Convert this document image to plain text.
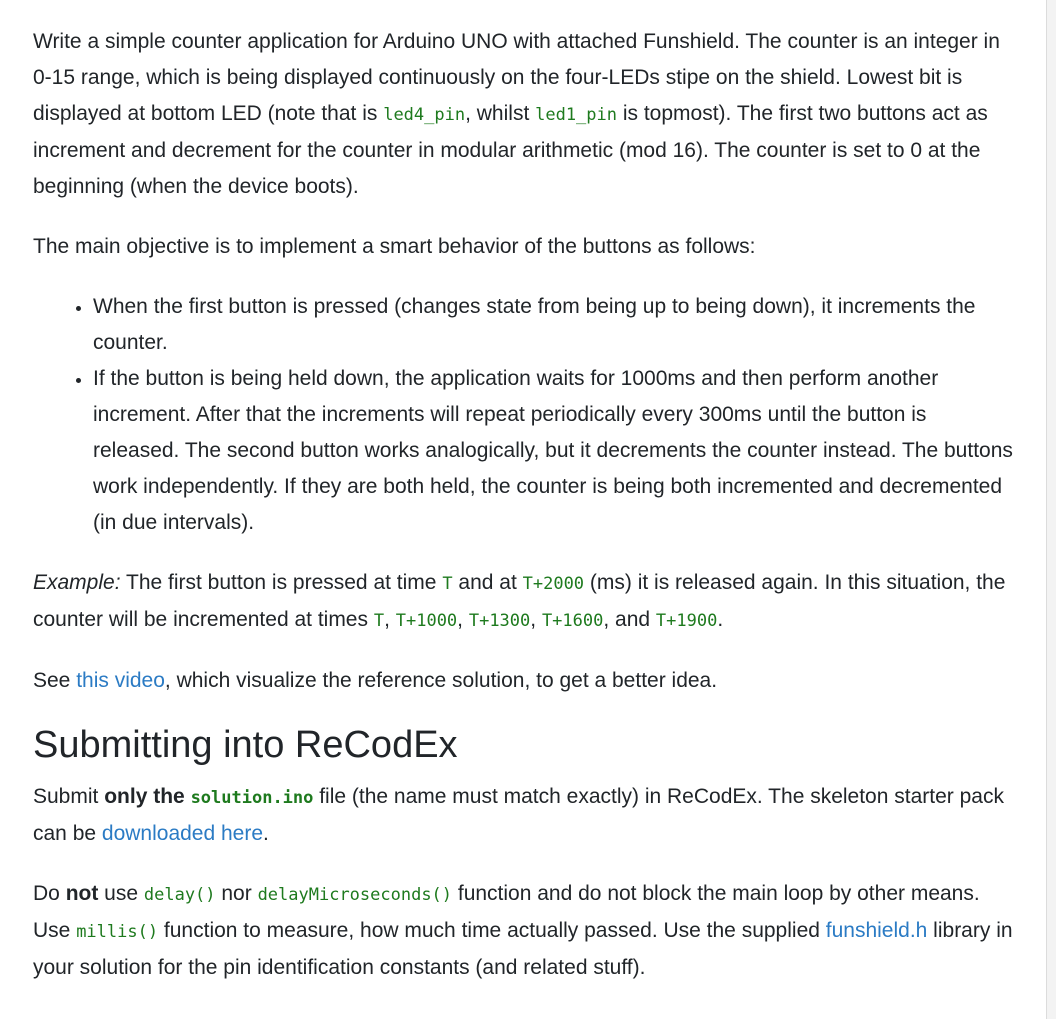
Write a simple counter application for Arduino UNO with attached Funshield. The counter is an integer in 0-15 range, which is being displayed continuously on the four-LEDs stipe on the shield. Lowest bit is displayed at bottom LED (note that is led4_pin, whilst led1_pin is topmost). The first two buttons act as increment and decrement for the counter in modular arithmetic (mod 16). The counter is set to 0 at the beginning (when the device boots).

The main objective is to implement a smart behavior of the buttons as follows:

• When the first button is pressed (changes state from being up to being down), it increments the counter.
• If the button is being held down, the application waits for 1000ms and then perform another increment. After that the increments will repeat periodically every 300ms until the button is released. The second button works analogically, but it decrements the counter instead. The buttons work independently. If they are both held, the counter is being both incremented and decremented (in due intervals).

Example: The first button is pressed at time T and at T+2000 (ms) it is released again. In this situation, the counter will be incremented at times T, T+1000, T+1300, T+1600, and T+1900.

See this video, which visualize the reference solution, to get a better idea.

Submitting into ReCodEx

Submit only the solution.ino file (the name must match exactly) in ReCodEx. The skeleton starter pack can be downloaded here.

Do not use delay() nor delayMicroseconds() function and do not block the main loop by other means. Use millis() function to measure, how much time actually passed. Use the supplied funshield.h library in your solution for the pin identification constants (and related stuff).
